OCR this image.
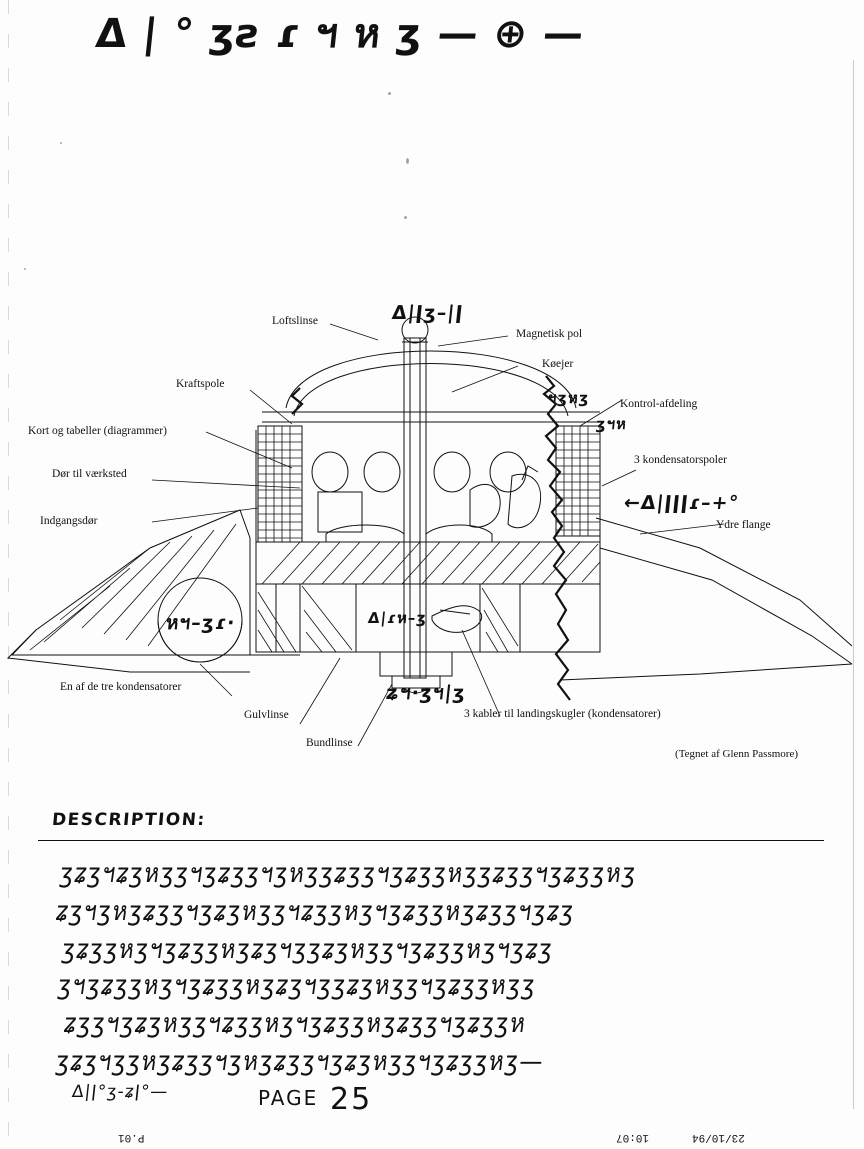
Δ | ° ʒƨ ɾ ฯ ห ʒ — ⊕ —
Loftslinse
Magnetisk pol
Køejer
Kraftspole
Kontrol-afdeling
Kort og tabeller (diagrammer)
3 kondensatorspoler
Dør til værksted
Indgangsdør	Ydre flange
En af de tre kondensatorer
Gulvlinse
Bundlinse
3 kabler til landingskugler (kondensatorer)
(Tegnet af Glenn Passmore)
Δ|ǀʒ–|ǀ
ฯʒหʒ
ʒฯห
←Δ|ǀǀǀɾ–+°
หฯ–ʒɾ·	Δ|ɾห–ʒ
ʑฯ·ʒฯ|ʒ
DESCRIPTION:
ʒʑʒฯʑʒหʒʒฯʒʑʒʒฯʒหʒʒʑʒʒฯʒʑʒʒหʒʒʑʒʒฯʒʑʒʒหʒ
ʑʒฯʒหʒʑʒʒฯʒʑʒหʒʒฯʑʒʒหʒฯʒʑʒʒหʒʑʒʒฯʒʑʒ
ʒʑʒʒหʒฯʒʑʒʒหʒʑʒฯʒʒʑʒหʒʒฯʒʑʒʒหʒฯʒʑʒ
ʒฯʒʑʒʒหʒฯʒʑʒʒหʒʑʒฯʒʒʑʒหʒʒฯʒʑʒʒหʒʒ
ʑʒʒฯʒʑʒหʒʒฯʑʒʒหʒฯʒʑʒʒหʒʑʒʒฯʒʑʒʒห
ʒʑʒฯʒʒหʒʑʒʒฯʒหʒʑʒʒฯʒʑʒหʒʒฯʒʑʒʒหʒ—
Δ|ǀ°ʒ-ʑǀ°—	PAGE 25
P.01	10:07	23/10/94
